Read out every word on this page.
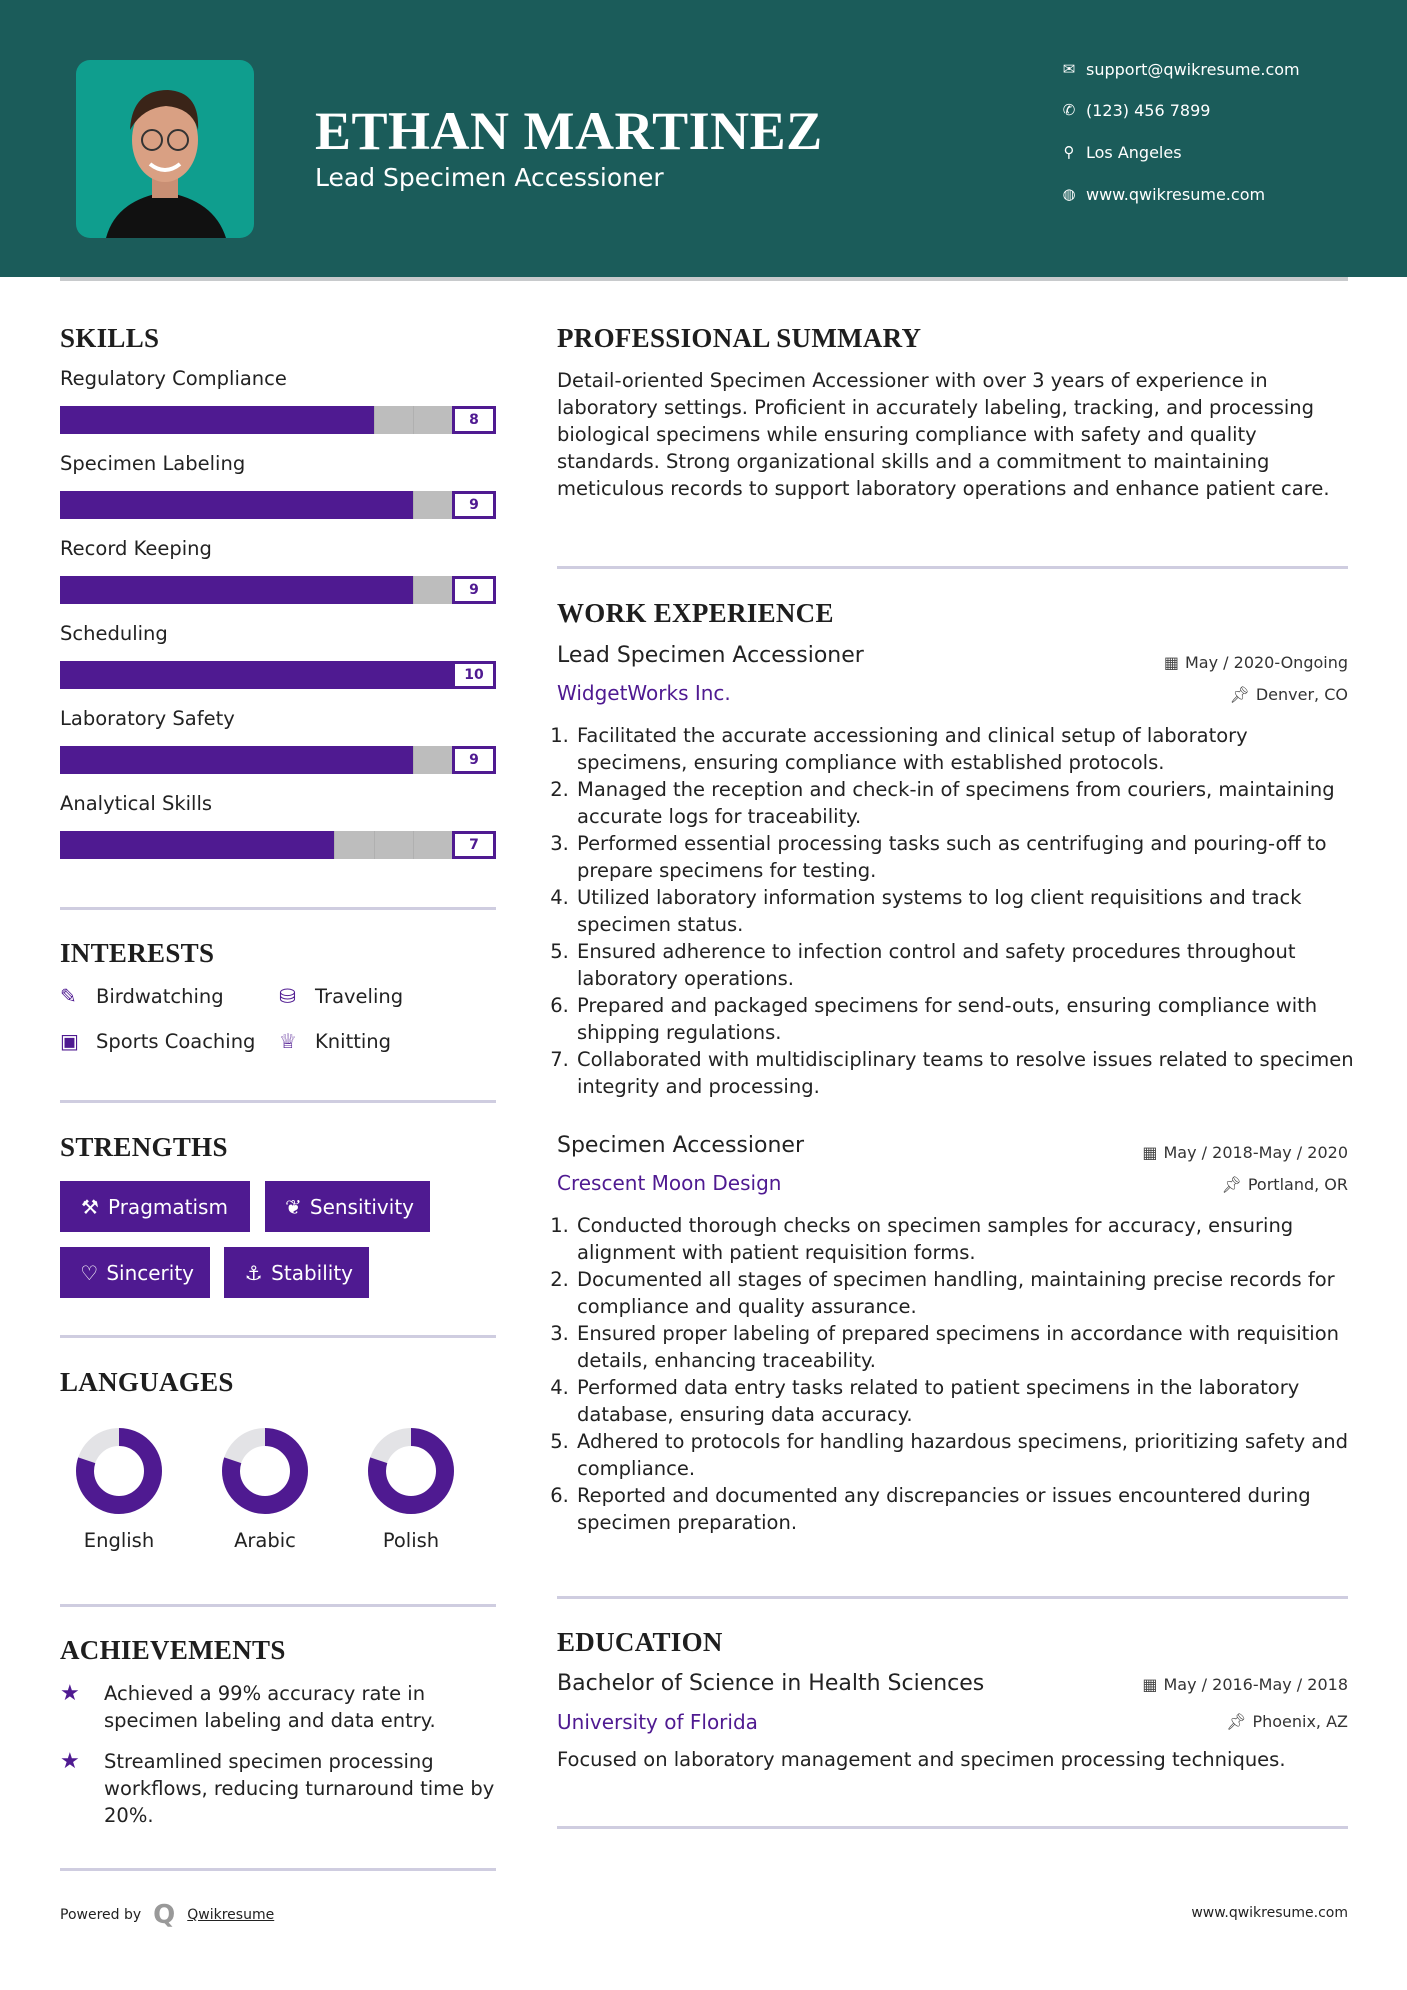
ETHAN MARTINEZ
Lead Specimen Accessioner
✉ support@qwikresume.com
✆ (123) 456 7899
⚲ Los Angeles
◍ www.qwikresume.com
SKILLS
Regulatory Compliance
8
Specimen Labeling
9
Record Keeping
9
Scheduling
10
Laboratory Safety
9
Analytical Skills
7
INTERESTS
✎ Birdwatching	⛁ Traveling
▣ Sports Coaching ♕ Knitting
STRENGTHS
⚒ Pragmatism	❦ Sensitivity
♡ Sincerity	⚓ Stability
LANGUAGES
English	Arabic	Polish
ACHIEVEMENTS
★	Achieved a 99% accuracy rate in specimen labeling and data entry.
★	Streamlined specimen processing workflows, reducing turnaround time by 20%.
PROFESSIONAL SUMMARY

Detail-oriented Specimen Accessioner with over 3 years of experience in laboratory settings. Proficient in accurately labeling, tracking, and processing biological specimens while ensuring compliance with safety and quality standards. Strong organizational skills and a commitment to maintaining meticulous records to support laboratory operations and enhance patient care.

WORK EXPERIENCE
Lead Specimen Accessioner	▦ May / 2020-Ongoing
WidgetWorks Inc.	📌︎ Denver, CO
1. Facilitated the accurate accessioning and clinical setup of laboratory specimens, ensuring compliance with established protocols.
2. Managed the reception and check-in of specimens from couriers, maintaining accurate logs for traceability.
3. Performed essential processing tasks such as centrifuging and pouring-off to prepare specimens for testing.
4. Utilized laboratory information systems to log client requisitions and track specimen status.
5. Ensured adherence to infection control and safety procedures throughout laboratory operations.
6. Prepared and packaged specimens for send-outs, ensuring compliance with shipping regulations.
7. Collaborated with multidisciplinary teams to resolve issues related to specimen integrity and processing.
Specimen Accessioner	▦ May / 2018-May / 2020
Crescent Moon Design	📌︎ Portland, OR
1. Conducted thorough checks on specimen samples for accuracy, ensuring alignment with patient requisition forms.
2. Documented all stages of specimen handling, maintaining precise records for compliance and quality assurance.
3. Ensured proper labeling of prepared specimens in accordance with requisition details, enhancing traceability.
4. Performed data entry tasks related to patient specimens in the laboratory database, ensuring data accuracy.
5. Adhered to protocols for handling hazardous specimens, prioritizing safety and compliance.
6. Reported and documented any discrepancies or issues encountered during specimen preparation.
EDUCATION
Bachelor of Science in Health Sciences	▦ May / 2016-May / 2018
University of Florida	📌︎ Phoenix, AZ

Focused on laboratory management and specimen processing techniques.

Powered by Q Qwikresume	www.qwikresume.com
